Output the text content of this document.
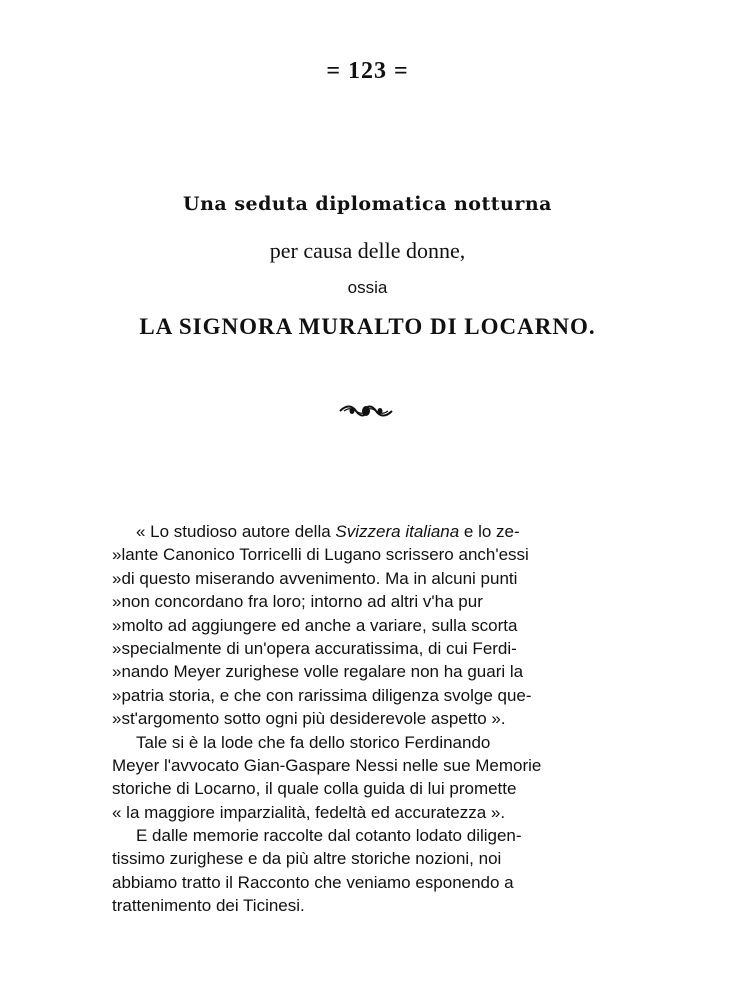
= 123 =
Una seduta diplomatica notturna
per causa delle donne,
ossia
LA SIGNORA MURALTO DI LOCARNO.
« Lo studioso autore della Svizzera italiana e lo ze-
»lante Canonico Torricelli di Lugano scrissero anch'essi
»di questo miserando avvenimento. Ma in alcuni punti
»non concordano fra loro; intorno ad altri v'ha pur
»molto ad aggiungere ed anche a variare, sulla scorta
»specialmente di un'opera accuratissima, di cui Ferdi-
»nando Meyer zurighese volle regalare non ha guari la
»patria storia, e che con rarissima diligenza svolge que-
»st'argomento sotto ogni più desiderevole aspetto ».
Tale si è la lode che fa dello storico Ferdinando
Meyer l'avvocato Gian-Gaspare Nessi nelle sue Memorie
storiche di Locarno, il quale colla guida di lui promette
« la maggiore imparzialità, fedeltà ed accuratezza ».
E dalle memorie raccolte dal cotanto lodato diligen-
tissimo zurighese e da più altre storiche nozioni, noi
abbiamo tratto il Racconto che veniamo esponendo a
trattenimento dei Ticinesi.
